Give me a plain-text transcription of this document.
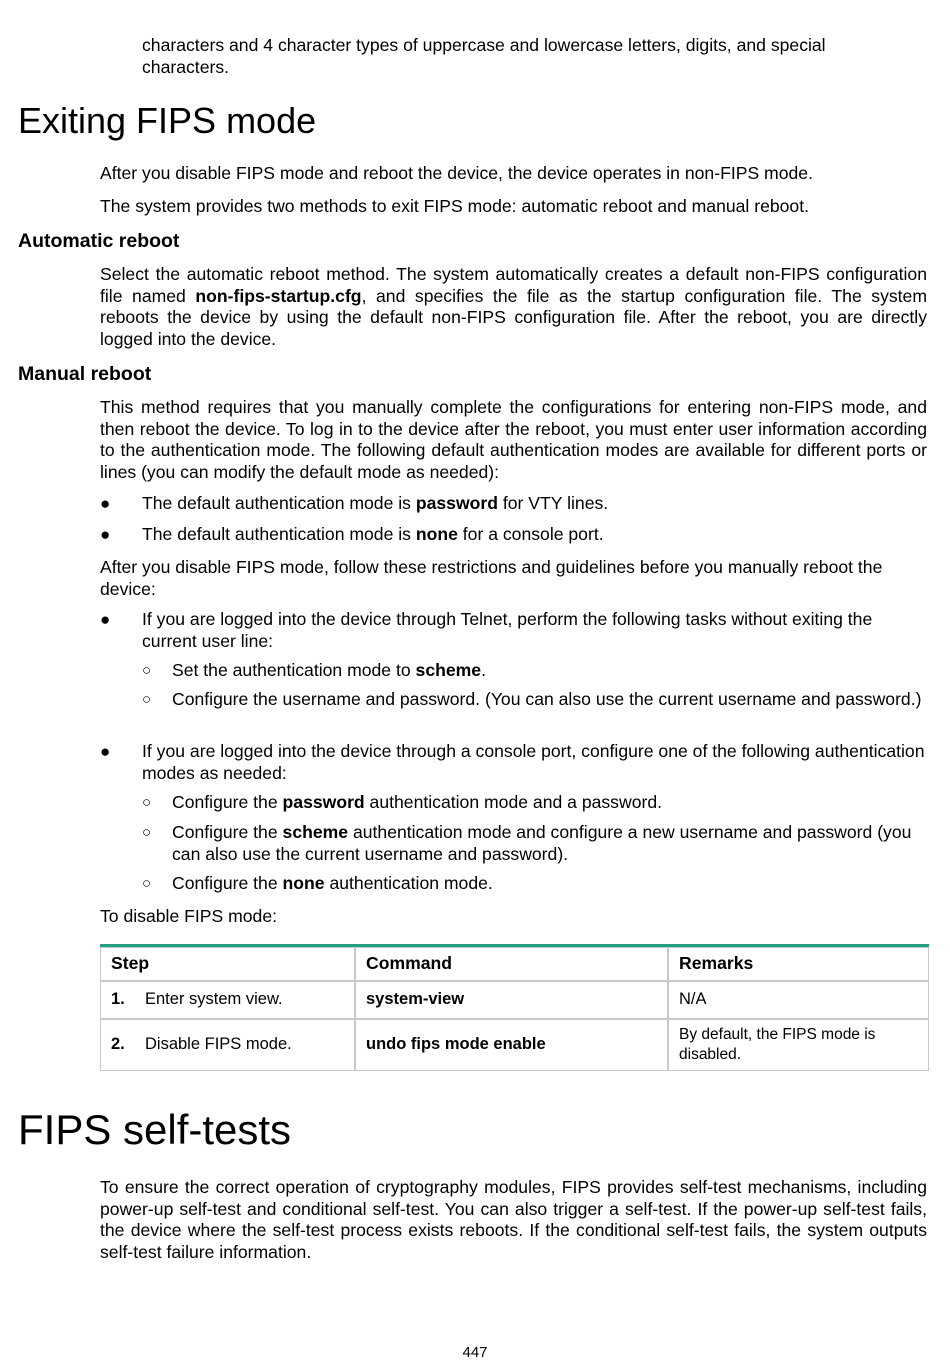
characters and 4 character types of uppercase and lowercase letters, digits, and special characters.
Exiting FIPS mode
After you disable FIPS mode and reboot the device, the device operates in non-FIPS mode.
The system provides two methods to exit FIPS mode: automatic reboot and manual reboot.
Automatic reboot
Select the automatic reboot method. The system automatically creates a default non-FIPS configuration file named non-fips-startup.cfg, and specifies the file as the startup configuration file. The system reboots the device by using the default non-FIPS configuration file. After the reboot, you are directly logged into the device.
Manual reboot
This method requires that you manually complete the configurations for entering non-FIPS mode, and then reboot the device. To log in to the device after the reboot, you must enter user information according to the authentication mode. The following default authentication modes are available for different ports or lines (you can modify the default mode as needed):
●	The default authentication mode is password for VTY lines.
●	The default authentication mode is none for a console port.
After you disable FIPS mode, follow these restrictions and guidelines before you manually reboot the device:
●	If you are logged into the device through Telnet, perform the following tasks without exiting the current user line:
○ Set the authentication mode to scheme.
○ Configure the username and password. (You can also use the current username and password.)
●	If you are logged into the device through a console port, configure one of the following authentication modes as needed:
○ Configure the password authentication mode and a password.
○ Configure the scheme authentication mode and configure a new username and password (you can also use the current username and password).
○ Configure the none authentication mode.
To disable FIPS mode:
Step	Command	Remarks
1. Enter system view.	system-view	N/A
2. Disable FIPS mode.	undo fips mode enable	By default, the FIPS mode is disabled.
FIPS self-tests
To ensure the correct operation of cryptography modules, FIPS provides self-test mechanisms, including power-up self-test and conditional self-test. You can also trigger a self-test. If the power-up self-test fails, the device where the self-test process exists reboots. If the conditional self-test fails, the system outputs self-test failure information.
447
